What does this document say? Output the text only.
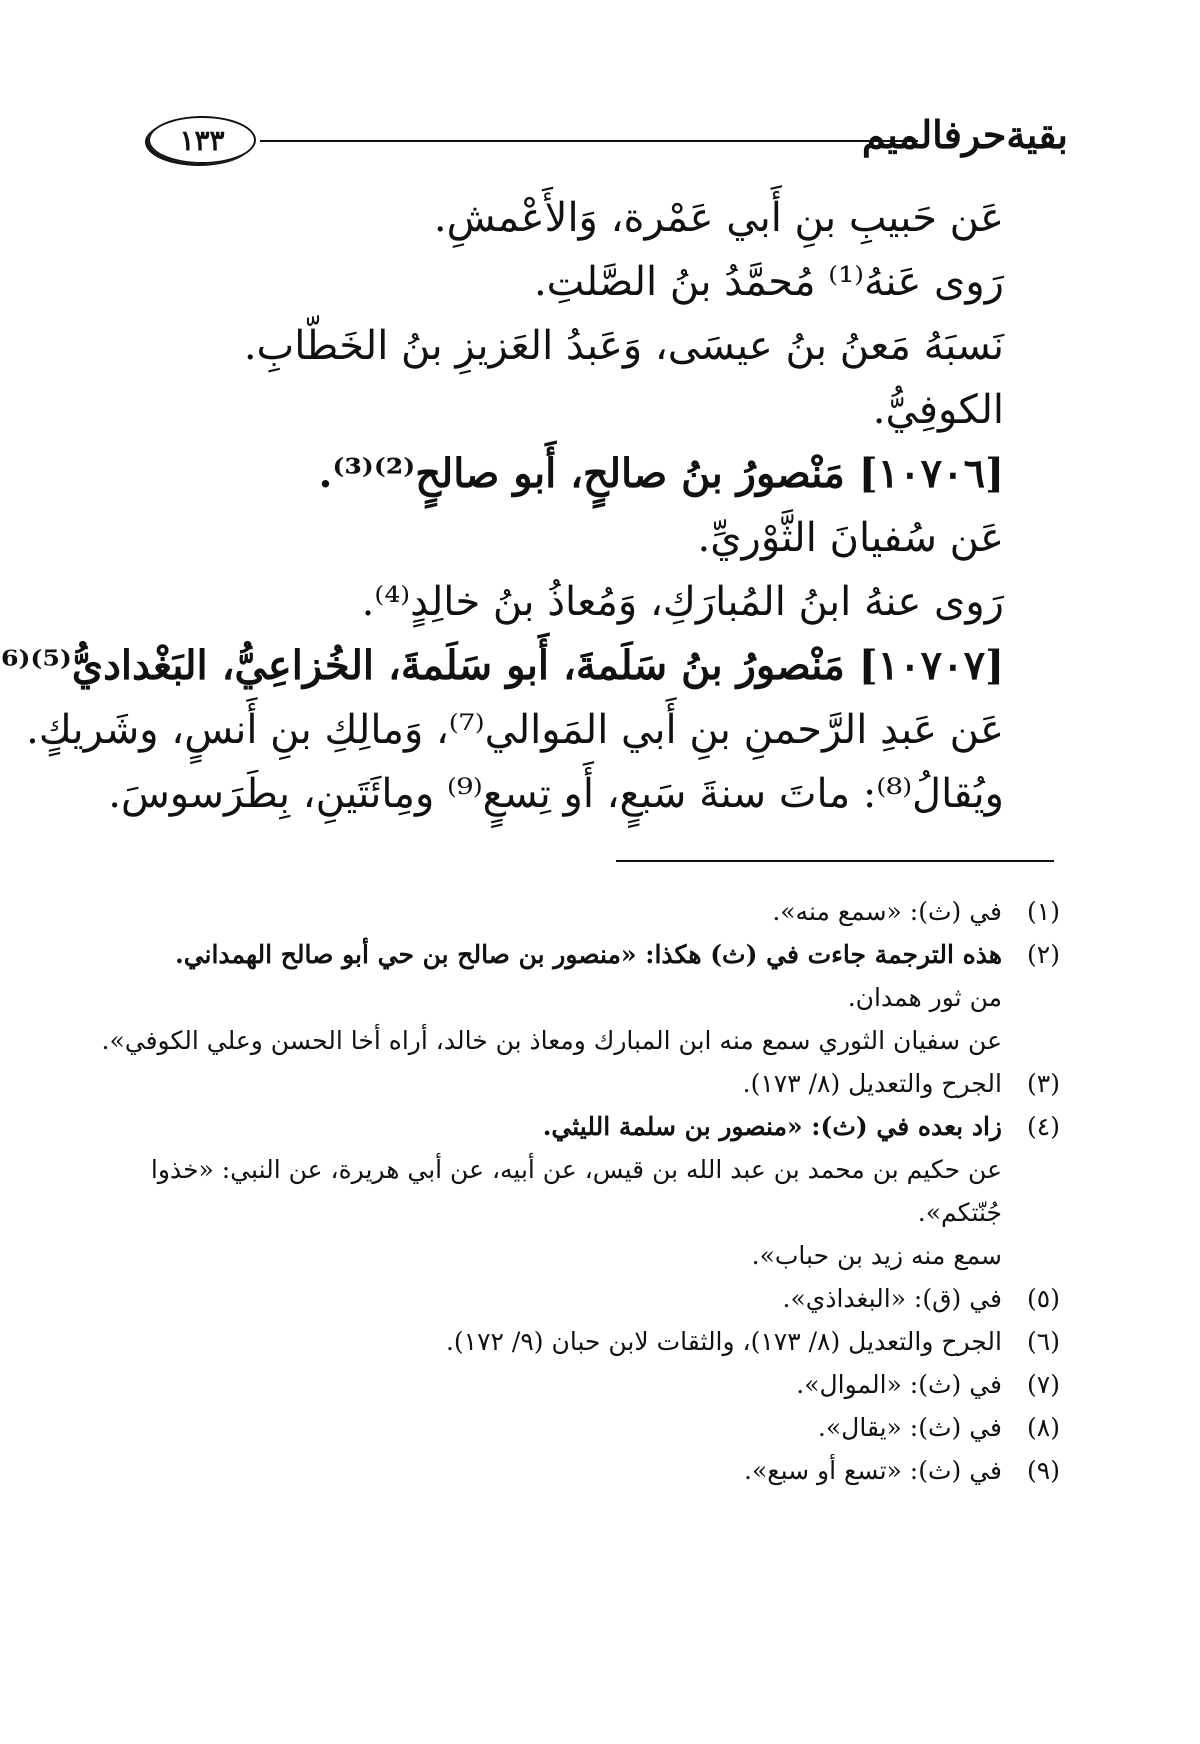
١٣٣	بقيةحرفالميم
عَن حَبيبِ بنِ أَبي عَمْرة، وَالأَعْمشِ.
رَوى عَنهُ⁽¹⁾ مُحمَّدُ بنُ الصَّلتِ.
نَسبَهُ مَعنُ بنُ عيسَى، وَعَبدُ العَزيزِ بنُ الخَطّابِ.
الكوفِيُّ.
[١٠٧٠٦] مَنْصورُ بنُ صالحٍ، أَبو صالحٍ⁽²⁾⁽³⁾.
عَن سُفيانَ الثَّوْريِّ.
رَوى عنهُ ابنُ المُبارَكِ، وَمُعاذُ بنُ خالِدٍ⁽⁴⁾.
[١٠٧٠٧] مَنْصورُ بنُ سَلَمةَ، أَبو سَلَمةَ، الخُزاعِيُّ، البَغْداديُّ⁽⁵⁾⁽⁶
عَن عَبدِ الرَّحمنِ بنِ أَبي المَوالي⁽⁷⁾، وَمالِكِ بنِ أَنسٍ، وشَريكٍ.
ويُقالُ⁽⁸⁾: ماتَ سنةَ سَبعٍ، أَو تِسعٍ⁽⁹⁾ ومِائَتَينِ، بِطَرَسوسَ.
(١)
في (ث): «سمع منه».
(٢)
هذه الترجمة جاءت في (ث) هكذا: «منصور بن صالح بن حي أبو صالح الهمداني.
من ثور همدان.
عن سفيان الثوري سمع منه ابن المبارك ومعاذ بن خالد، أراه أخا الحسن وعلي الكوفي».
(٣)
الجرح والتعديل (٨/ ١٧٣).
(٤)
زاد بعده في (ث): «منصور بن سلمة الليثي.
عن حكيم بن محمد بن عبد الله بن قيس، عن أبيه، عن أبي هريرة، عن النبي: «خذوا جُنّتكم».
سمع منه زيد بن حباب».
(٥)
في (ق): «البغداذي».
(٦)
الجرح والتعديل (٨/ ١٧٣)، والثقات لابن حبان (٩/ ١٧٢).
(٧)
في (ث): «الموال».
(٨)
في (ث): «يقال».
(٩)
في (ث): «تسع أو سبع».
